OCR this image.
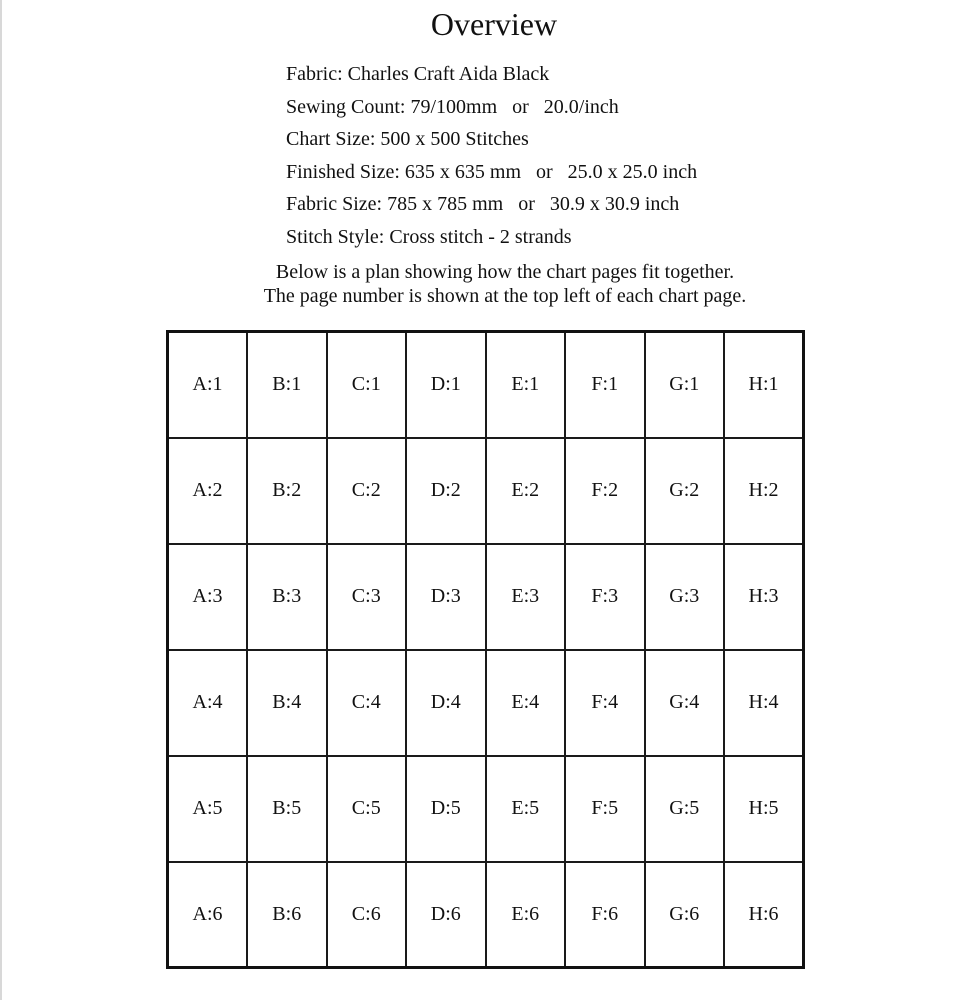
Overview
Fabric: Charles Craft Aida Black
Sewing Count: 79/100mm   or   20.0/inch
Chart Size: 500 x 500 Stitches
Finished Size: 635 x 635 mm   or   25.0 x 25.0 inch
Fabric Size: 785 x 785 mm   or   30.9 x 30.9 inch
Stitch Style: Cross stitch - 2 strands
Below is a plan showing how the chart pages fit together.
The page number is shown at the top left of each chart page.
A:1	B:1	C:1	D:1	E:1	F:1	G:1	H:1
A:2	B:2	C:2	D:2	E:2	F:2	G:2	H:2
A:3	B:3	C:3	D:3	E:3	F:3	G:3	H:3
A:4	B:4	C:4	D:4	E:4	F:4	G:4	H:4
A:5	B:5	C:5	D:5	E:5	F:5	G:5	H:5
A:6	B:6	C:6	D:6	E:6	F:6	G:6	H:6
